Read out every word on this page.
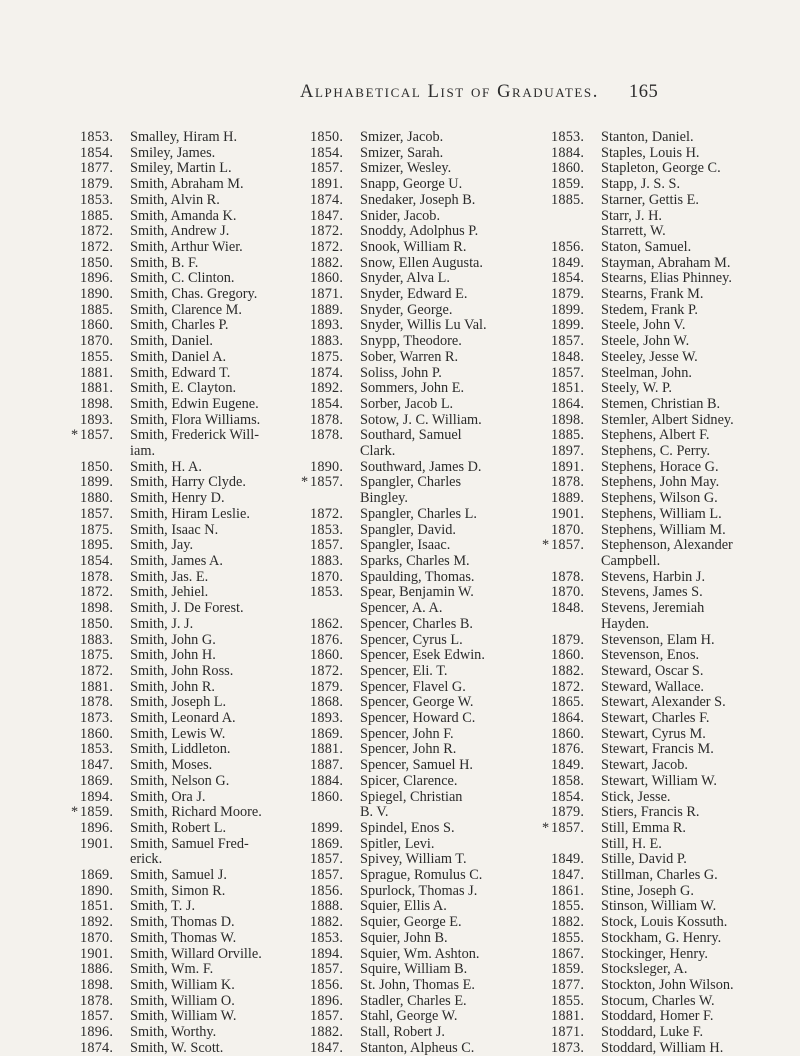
Alphabetical List of Graduates. 165
1853.	Smalley, Hiram H.
1854.	Smiley, James.
1877.	Smiley, Martin L.
1879.	Smith, Abraham M.
1853.	Smith, Alvin R.
1885.	Smith, Amanda K.
1872.	Smith, Andrew J.
1872.	Smith, Arthur Wier.
1850.	Smith, B. F.
1896.	Smith, C. Clinton.
1890.	Smith, Chas. Gregory.
1885.	Smith, Clarence M.
1860.	Smith, Charles P.
1870.	Smith, Daniel.
1855.	Smith, Daniel A.
1881.	Smith, Edward T.
1881.	Smith, E. Clayton.
1898.	Smith, Edwin Eugene.
1893.	Smith, Flora Williams.
* 1857.	Smith, Frederick Will-
iam.
1850.	Smith, H. A.
1899.	Smith, Harry Clyde.
1880.	Smith, Henry D.
1857.	Smith, Hiram Leslie.
1875.	Smith, Isaac N.
1895.	Smith, Jay.
1854.	Smith, James A.
1878.	Smith, Jas. E.
1872.	Smith, Jehiel.
1898.	Smith, J. De Forest.
1850.	Smith, J. J.
1883.	Smith, John G.
1875.	Smith, John H.
1872.	Smith, John Ross.
1881.	Smith, John R.
1878.	Smith, Joseph L.
1873.	Smith, Leonard A.
1860.	Smith, Lewis W.
1853.	Smith, Liddleton.
1847.	Smith, Moses.
1869.	Smith, Nelson G.
1894.	Smith, Ora J.
* 1859.	Smith, Richard Moore.
1896.	Smith, Robert L.
1901.	Smith, Samuel Fred-
erick.
1869.	Smith, Samuel J.
1890.	Smith, Simon R.
1851.	Smith, T. J.
1892.	Smith, Thomas D.
1870.	Smith, Thomas W.
1901.	Smith, Willard Orville.
1886.	Smith, Wm. F.
1898.	Smith, William K.
1878.	Smith, William O.
1857.	Smith, William W.
1896.	Smith, Worthy.
1874.	Smith, W. Scott.
1850.	Smizer, Jacob.
1854.	Smizer, Sarah.
1857.	Smizer, Wesley.
1891.	Snapp, George U.
1874.	Snedaker, Joseph B.
1847.	Snider, Jacob.
1872.	Snoddy, Adolphus P.
1872.	Snook, William R.
1882.	Snow, Ellen Augusta.
1860.	Snyder, Alva L.
1871.	Snyder, Edward E.
1889.	Snyder, George.
1893.	Snyder, Willis Lu Val.
1883.	Snypp, Theodore.
1875.	Sober, Warren R.
1874.	Soliss, John P.
1892.	Sommers, John E.
1854.	Sorber, Jacob L.
1878.	Sotow, J. C. William.
1878.	Southard, Samuel
Clark.
1890.	Southward, James D.
* 1857.	Spangler, Charles
Bingley.
1872.	Spangler, Charles L.
1853.	Spangler, David.
1857.	Spangler, Isaac.
1883.	Sparks, Charles M.
1870.	Spaulding, Thomas.
1853.	Spear, Benjamin W.
Spencer, A. A.
1862.	Spencer, Charles B.
1876.	Spencer, Cyrus L.
1860.	Spencer, Esek Edwin.
1872.	Spencer, Eli. T.
1879.	Spencer, Flavel G.
1868.	Spencer, George W.
1893.	Spencer, Howard C.
1869.	Spencer, John F.
1881.	Spencer, John R.
1887.	Spencer, Samuel H.
1884.	Spicer, Clarence.
1860.	Spiegel, Christian
B. V.
1899.	Spindel, Enos S.
1869.	Spitler, Levi.
1857.	Spivey, William T.
1857.	Sprague, Romulus C.
1856.	Spurlock, Thomas J.
1888.	Squier, Ellis A.
1882.	Squier, George E.
1853.	Squier, John B.
1894.	Squier, Wm. Ashton.
1857.	Squire, William B.
1856.	St. John, Thomas E.
1896.	Stadler, Charles E.
1857.	Stahl, George W.
1882.	Stall, Robert J.
1847.	Stanton, Alpheus C.
1853.	Stanton, Daniel.
1884.	Staples, Louis H.
1860.	Stapleton, George C.
1859.	Stapp, J. S. S.
1885.	Starner, Gettis E.
Starr, J. H.
Starrett, W.
1856.	Staton, Samuel.
1849.	Stayman, Abraham M.
1854.	Stearns, Elias Phinney.
1879.	Stearns, Frank M.
1899.	Stedem, Frank P.
1899.	Steele, John V.
1857.	Steele, John W.
1848.	Steeley, Jesse W.
1857.	Steelman, John.
1851.	Steely, W. P.
1864.	Stemen, Christian B.
1898.	Stemler, Albert Sidney.
1885.	Stephens, Albert F.
1897.	Stephens, C. Perry.
1891.	Stephens, Horace G.
1878.	Stephens, John May.
1889.	Stephens, Wilson G.
1901.	Stephens, William L.
1870.	Stephens, William M.
* 1857.	Stephenson, Alexander
Campbell.
1878.	Stevens, Harbin J.
1870.	Stevens, James S.
1848.	Stevens, Jeremiah
Hayden.
1879.	Stevenson, Elam H.
1860.	Stevenson, Enos.
1882.	Steward, Oscar S.
1872.	Steward, Wallace.
1865.	Stewart, Alexander S.
1864.	Stewart, Charles F.
1860.	Stewart, Cyrus M.
1876.	Stewart, Francis M.
1849.	Stewart, Jacob.
1858.	Stewart, William W.
1854.	Stick, Jesse.
1879.	Stiers, Francis R.
* 1857.	Still, Emma R.
Still, H. E.
1849.	Stille, David P.
1847.	Stillman, Charles G.
1861.	Stine, Joseph G.
1855.	Stinson, William W.
1882.	Stock, Louis Kossuth.
1855.	Stockham, G. Henry.
1867.	Stockinger, Henry.
1859.	Stocksleger, A.
1877.	Stockton, John Wilson.
1855.	Stocum, Charles W.
1881.	Stoddard, Homer F.
1871.	Stoddard, Luke F.
1873.	Stoddard, William H.
